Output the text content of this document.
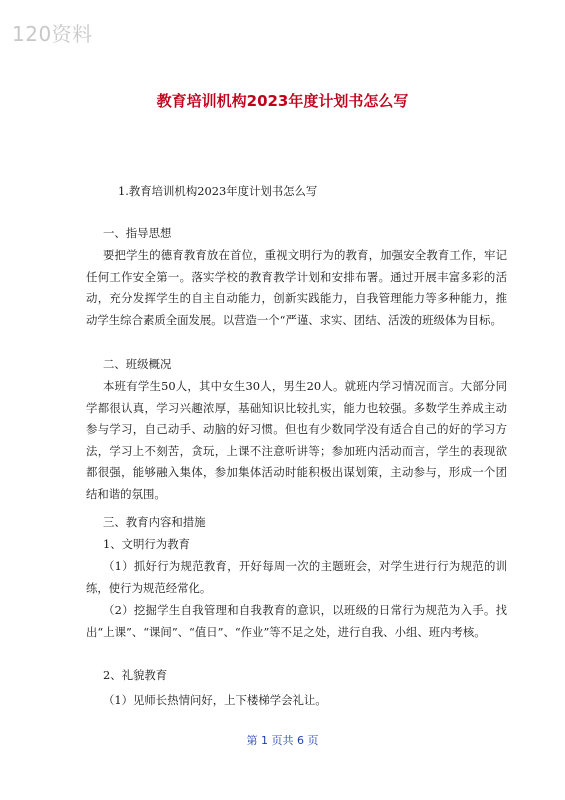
120资料
教育培训机构2023年度计划书怎么写

1.教育培训机构2023年度计划书怎么写

一、指导思想

要把学生的德育教育放在首位，重视文明行为的教育，加强安全教育工作，牢记任何工作安全第一。落实学校的教育教学计划和安排布署。通过开展丰富多彩的活动，充分发挥学生的自主自动能力，创新实践能力，自我管理能力等多种能力，推动学生综合素质全面发展。以营造一个“严谨、求实、团结、活泼的班级体为目标。

二、班级概况

本班有学生50人，其中女生30人，男生20人。就班内学习情况而言。大部分同学都很认真，学习兴趣浓厚，基础知识比较扎实，能力也较强。多数学生养成主动参与学习，自己动手、动脑的好习惯。但也有少数同学没有适合自己的好的学习方法，学习上不刻苦，贪玩，上课不注意听讲等；参加班内活动而言，学生的表现欲都很强，能够融入集体，参加集体活动时能积极出谋划策，主动参与，形成一个团结和谐的氛围。

三、教育内容和措施

1、文明行为教育

（1）抓好行为规范教育，开好每周一次的主题班会，对学生进行行为规范的训练，使行为规范经常化。

（2）挖掘学生自我管理和自我教育的意识，以班级的日常行为规范为入手。找出“上课”、“课间”、“值日”、“作业”等不足之处，进行自我、小组、班内考核。

2、礼貌教育

（1）见师长热情问好，上下楼梯学会礼让。

第 1 页共 6 页
